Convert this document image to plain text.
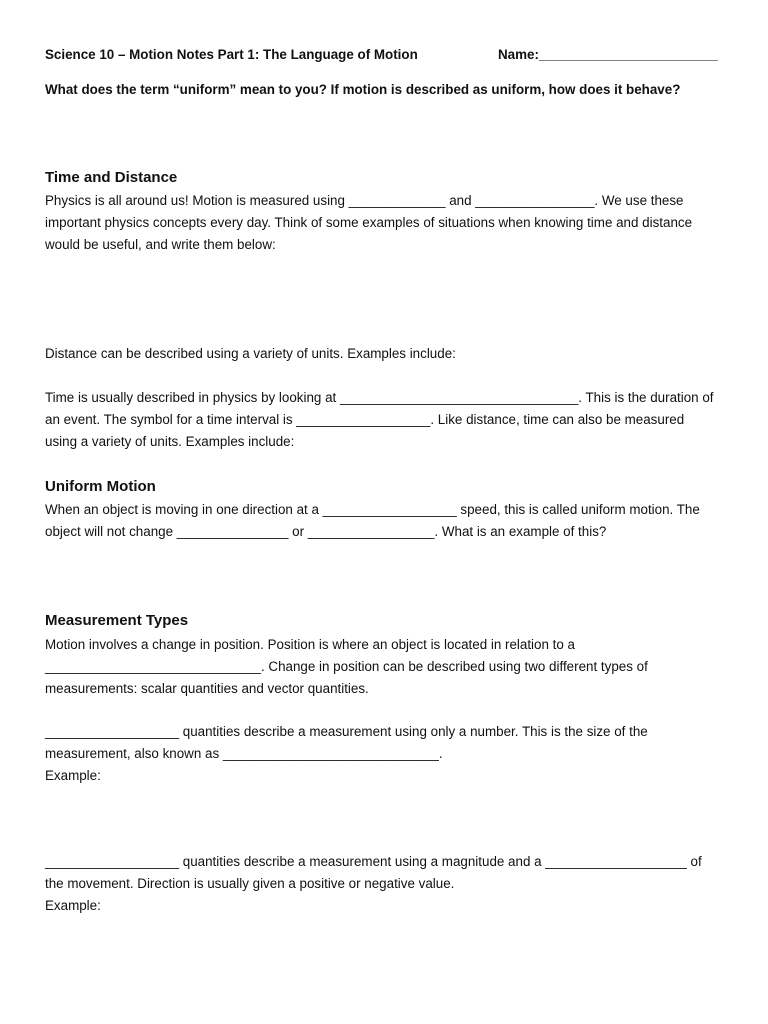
Science 10 – Motion Notes Part 1: The Language of Motion	Name:________________________
What does the term “uniform” mean to you? If motion is described as uniform, how does it behave?
Time and Distance
Physics is all around us! Motion is measured using _____________ and ________________. We use these
important physics concepts every day. Think of some examples of situations when knowing time and distance
would be useful, and write them below:
Distance can be described using a variety of units. Examples include:
Time is usually described in physics by looking at ________________________________. This is the duration of
an event. The symbol for a time interval is __________________. Like distance, time can also be measured
using a variety of units. Examples include:
Uniform Motion
When an object is moving in one direction at a __________________ speed, this is called uniform motion. The
object will not change _______________ or _________________. What is an example of this?
Measurement Types
Motion involves a change in position. Position is where an object is located in relation to a
_____________________________. Change in position can be described using two different types of
measurements: scalar quantities and vector quantities.
__________________ quantities describe a measurement using only a number. This is the size of the
measurement, also known as _____________________________.
Example:
__________________ quantities describe a measurement using a magnitude and a ___________________ of
the movement. Direction is usually given a positive or negative value.
Example:
